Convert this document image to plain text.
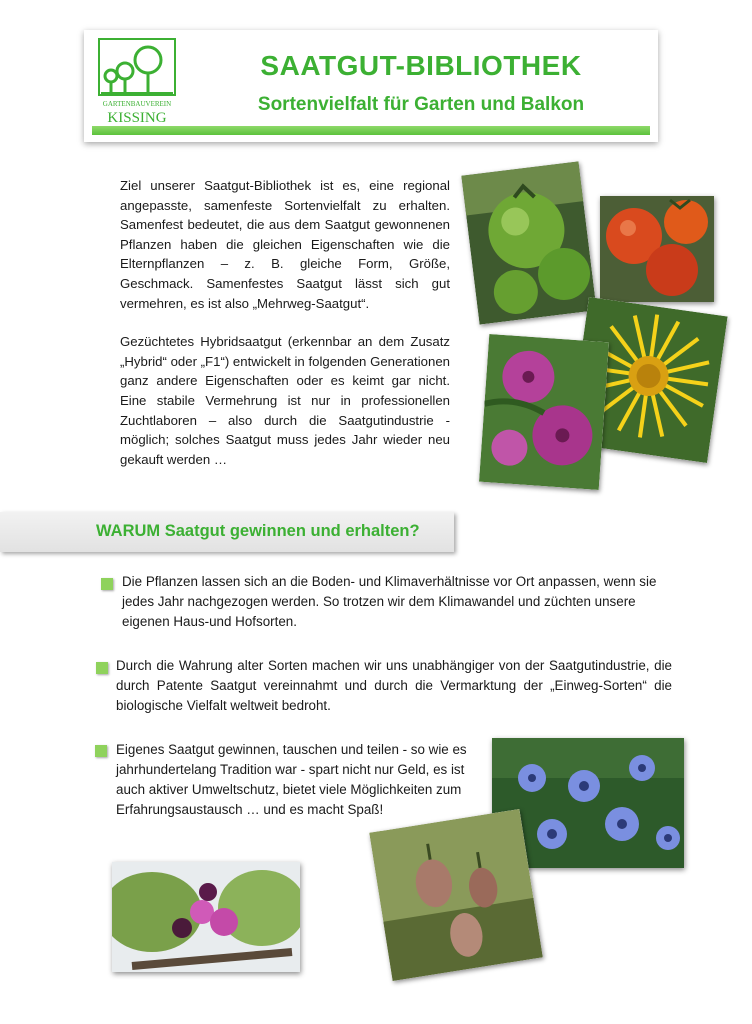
GARTENBAUVEREIN
KISSING
SAATGUT-BIBLIOTHEK
Sortenvielfalt für Garten und Balkon

Ziel unserer Saatgut-Bibliothek ist es, eine regional angepasste, samenfeste Sortenvielfalt zu erhalten. Samenfest bedeutet, die aus dem Saatgut gewonnenen Pflanzen haben die gleichen Eigenschaften wie die Elternpflanzen – z. B. gleiche Form, Größe, Geschmack. Samenfestes Saatgut lässt sich gut vermehren, es ist also „Mehrweg-Saatgut“.

Gezüchtetes Hybridsaatgut (erkennbar an dem Zusatz „Hybrid“ oder „F1“) entwickelt in folgenden Generationen ganz andere Eigenschaften oder es keimt gar nicht. Eine stabile Vermehrung ist nur in professionellen Zuchtlaboren – also durch die Saatgutindustrie - möglich; solches Saatgut muss jedes Jahr wieder neu gekauft werden …

WARUM Saatgut gewinnen und erhalten?
Die Pflanzen lassen sich an die Boden- und Klimaverhältnisse vor Ort anpassen, wenn sie jedes Jahr nachgezogen werden. So trotzen wir dem Klimawandel und züchten unsere eigenen Haus-und Hofsorten.
Durch die Wahrung alter Sorten machen wir uns unabhängiger von der Saatgutindustrie, die durch Patente Saatgut vereinnahmt und durch die Vermarktung der „Einweg-Sorten“ die biologische Vielfalt weltweit bedroht.
Eigenes Saatgut gewinnen, tauschen und teilen - so wie es jahrhundertelang Tradition war - spart nicht nur Geld, es ist auch aktiver Umweltschutz, bietet viele Möglichkeiten zum Erfahrungsaustausch … und es macht Spaß!
